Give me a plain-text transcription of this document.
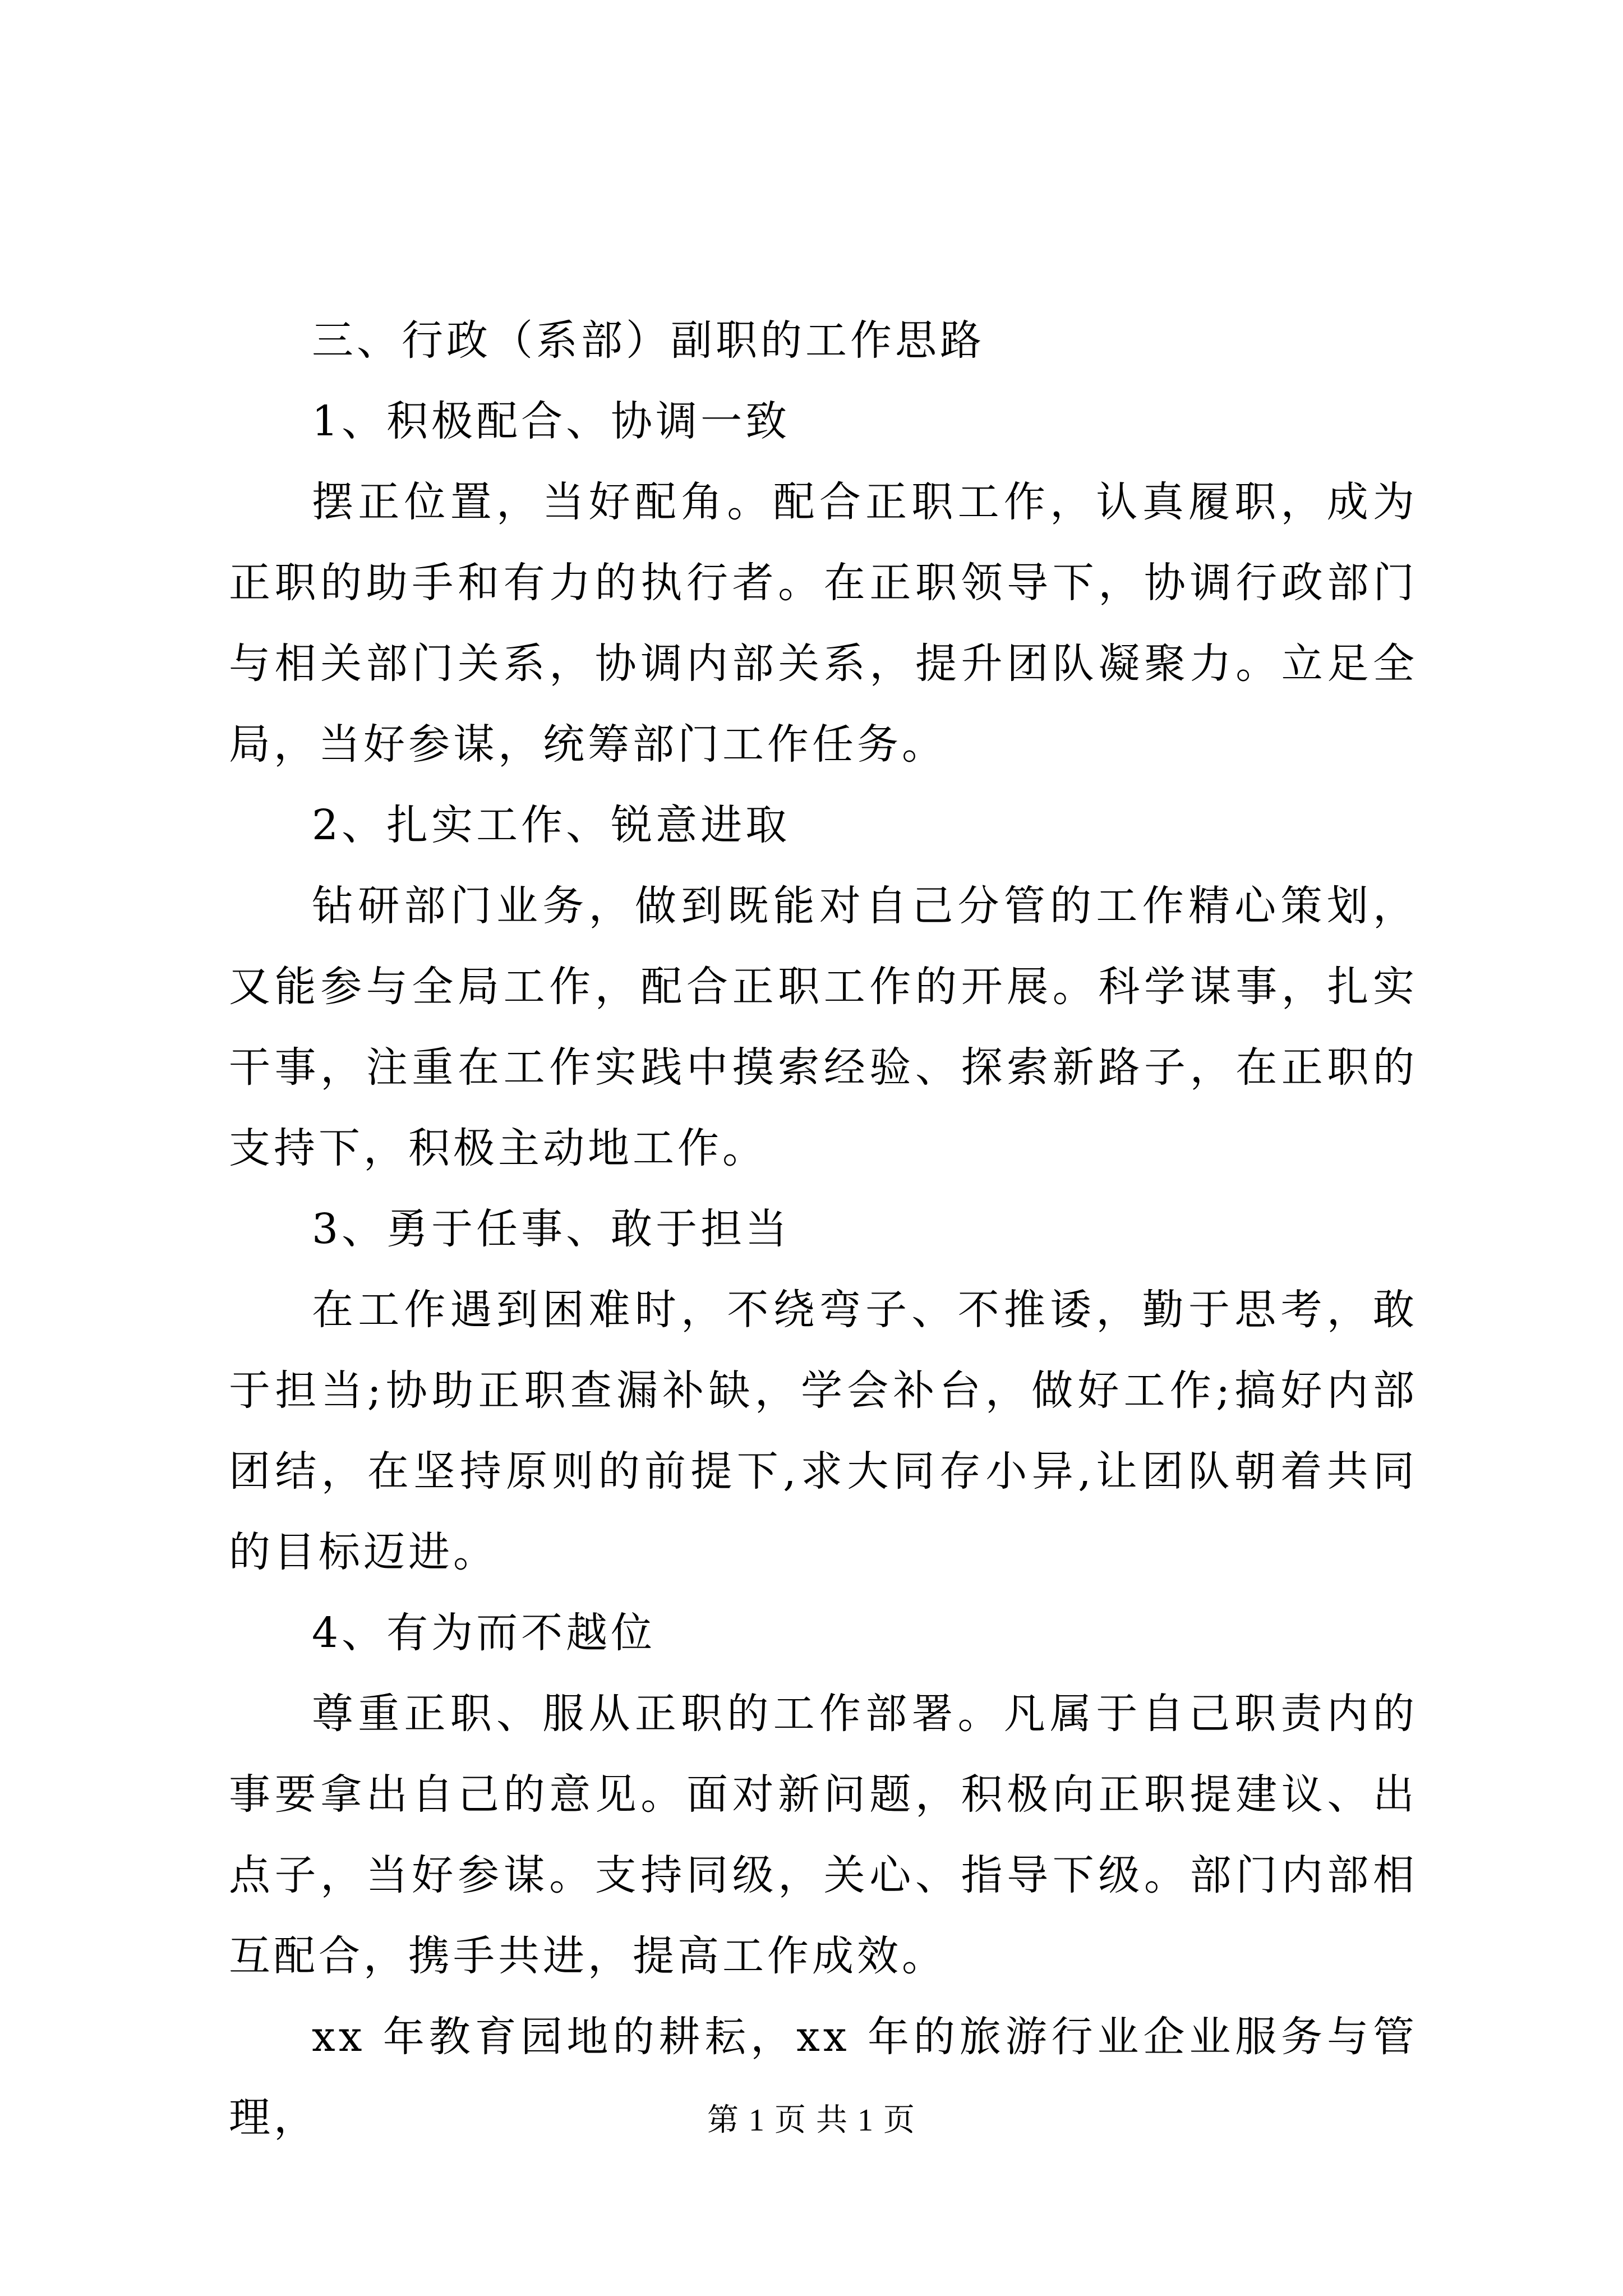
三、行政（系部）副职的工作思路

1、积极配合、协调一致

摆正位置，当好配角。配合正职工作，认真履职，成为正职的助手和有力的执行者。在正职领导下，协调行政部门与相关部门关系，协调内部关系，提升团队凝聚力。立足全局，当好参谋，统筹部门工作任务。

2、扎实工作、锐意进取

钻研部门业务，做到既能对自己分管的工作精心策划，又能参与全局工作，配合正职工作的开展。科学谋事，扎实干事，注重在工作实践中摸索经验、探索新路子，在正职的支持下，积极主动地工作。

3、勇于任事、敢于担当

在工作遇到困难时，不绕弯子、不推诿，勤于思考，敢于担当;协助正职查漏补缺，学会补台，做好工作;搞好内部团结，在坚持原则的前提下,求大同存小异,让团队朝着共同的目标迈进。

4、有为而不越位

尊重正职、服从正职的工作部署。凡属于自己职责内的事要拿出自己的意见。面对新问题，积极向正职提建议、出点子，当好参谋。支持同级，关心、指导下级。部门内部相互配合，携手共进，提高工作成效。

xx 年教育园地的耕耘，xx 年的旅游行业企业服务与管理，	第 1 页 共 1 页
